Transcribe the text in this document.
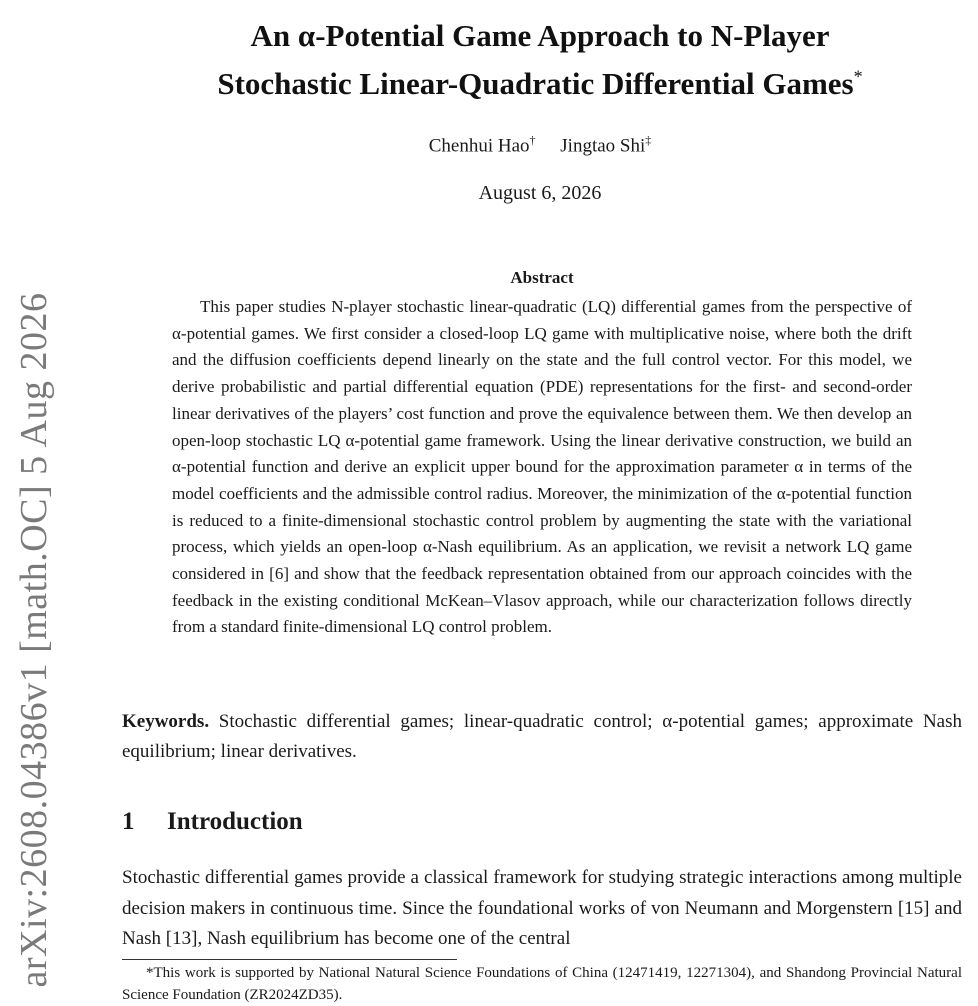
arXiv:2608.04386v1 [math.OC] 5 Aug 2026
An α-Potential Game Approach to N-Player
Stochastic Linear-Quadratic Differential Games*
Chenhui Hao† Jingtao Shi‡
August 6, 2026
Abstract

This paper studies N-player stochastic linear-quadratic (LQ) differential games from the perspective of α-potential games. We first consider a closed-loop LQ game with multiplicative noise, where both the drift and the diffusion coefficients depend linearly on the state and the full control vector. For this model, we derive probabilistic and partial differential equation (PDE) representations for the first- and second-order linear derivatives of the players’ cost function and prove the equivalence between them. We then develop an open-loop stochastic LQ α-potential game framework. Using the linear derivative construction, we build an α-potential function and derive an explicit upper bound for the approximation parameter α in terms of the model coefficients and the admissible control radius. Moreover, the minimization of the α-potential function is reduced to a finite-dimensional stochastic control problem by augmenting the state with the variational process, which yields an open-loop α-Nash equilibrium. As an application, we revisit a network LQ game considered in [6] and show that the feedback representation obtained from our approach coincides with the feedback in the existing conditional McKean–Vlasov approach, while our characterization follows directly from a standard finite-dimensional LQ control problem.

Keywords. Stochastic differential games; linear-quadratic control; α-potential games; approximate Nash equilibrium; linear derivatives.

1 Introduction

Stochastic differential games provide a classical framework for studying strategic interactions among multiple decision makers in continuous time. Since the foundational works of von Neumann and Morgenstern [15] and Nash [13], Nash equilibrium has become one of the central

*This work is supported by National Natural Science Foundations of China (12471419, 12271304), and Shandong Provincial Natural Science Foundation (ZR2024ZD35).
